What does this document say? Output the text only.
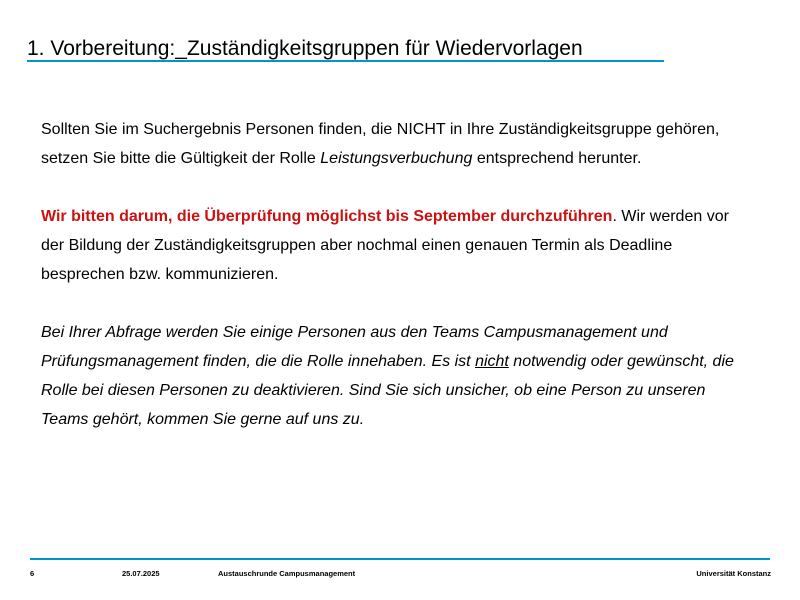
1. Vorbereitung:_Zuständigkeitsgruppen für Wiedervorlagen

Sollten Sie im Suchergebnis Personen finden, die NICHT in Ihre Zuständigkeitsgruppe gehören, setzen Sie bitte die Gültigkeit der Rolle Leistungsverbuchung entsprechend herunter.

Wir bitten darum, die Überprüfung möglichst bis September durchzuführen. Wir werden vor der Bildung der Zuständigkeitsgruppen aber nochmal einen genauen Termin als Deadline besprechen bzw. kommunizieren.

Bei Ihrer Abfrage werden Sie einige Personen aus den Teams Campusmanagement und Prüfungsmanagement finden, die die Rolle innehaben. Es ist nicht notwendig oder gewünscht, die Rolle bei diesen Personen zu deaktivieren. Sind Sie sich unsicher, ob eine Person zu unseren Teams gehört, kommen Sie gerne auf uns zu.

6	25.07.2025	Austauschrunde Campusmanagement	Universität Konstanz
